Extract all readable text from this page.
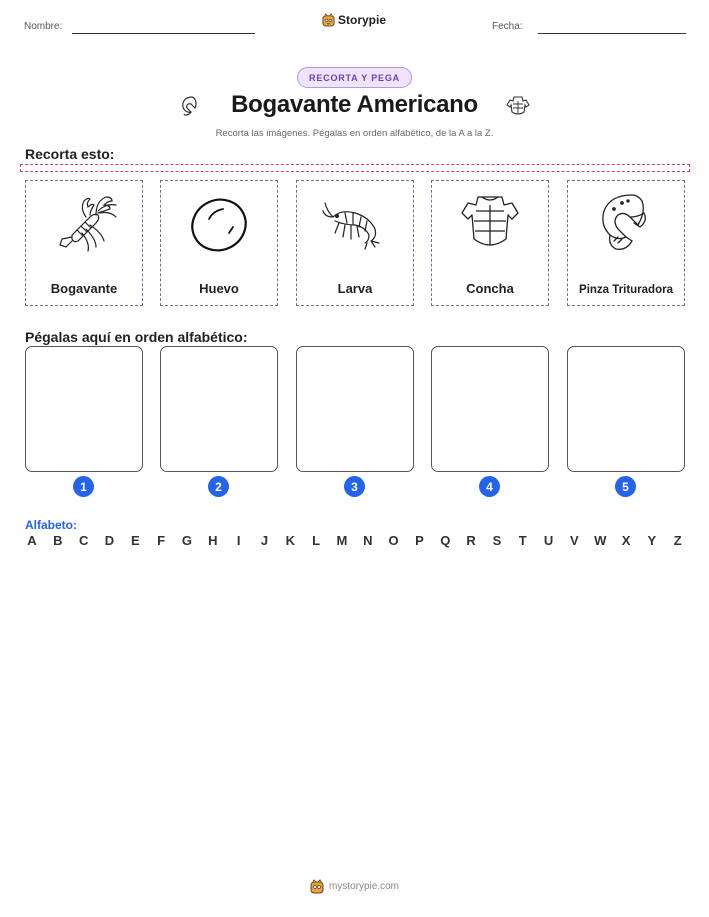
Nombre:	Storypie	Fecha:
RECORTA Y PEGA
Bogavante Americano
Recorta las imágenes. Pégalas en orden alfabético, de la A a la Z.
Recorta esto:
Bogavante	Huevo	Larva	Concha	Pinza Trituradora
Pégalas aquí en orden alfabético:
1	2	3	4	5
Alfabeto:
A B C D E F G H	I	J K L M N O P Q R S T U V W X Y Z
mystorypie.com
